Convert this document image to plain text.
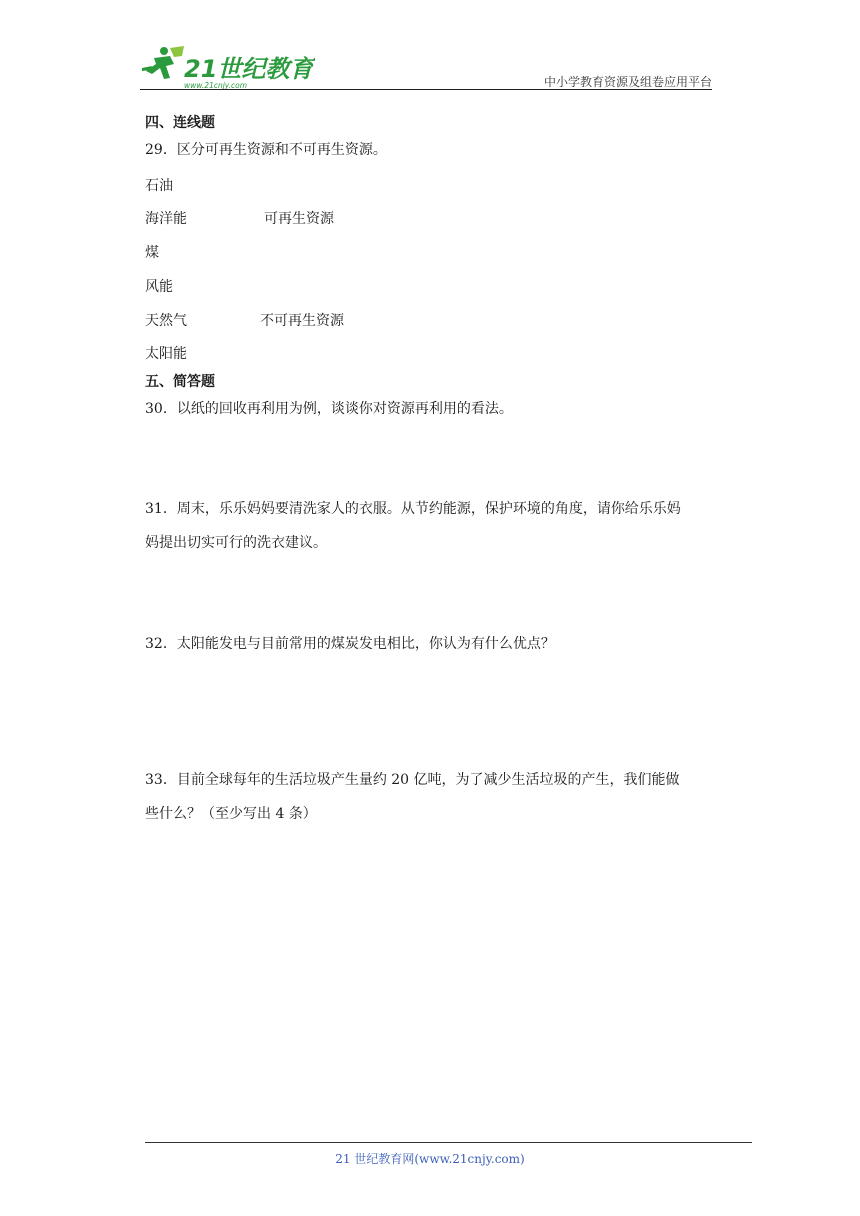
21世纪教育
www.21cnjy.com	中小学教育资源及组卷应用平台
四、连线题
29．区分可再生资源和不可再生资源。
石油
海洋能	可再生资源
煤
风能
天然气	不可再生资源
太阳能
五、简答题
30．以纸的回收再利用为例，谈谈你对资源再利用的看法。
31．周末，乐乐妈妈要清洗家人的衣服。从节约能源，保护环境的角度，请你给乐乐妈
妈提出切实可行的洗衣建议。
32．太阳能发电与目前常用的煤炭发电相比，你认为有什么优点？
33．目前全球每年的生活垃圾产生量约 20 亿吨，为了减少生活垃圾的产生，我们能做
些什么？（至少写出 4 条）
21 世纪教育网(www.21cnjy.com)
